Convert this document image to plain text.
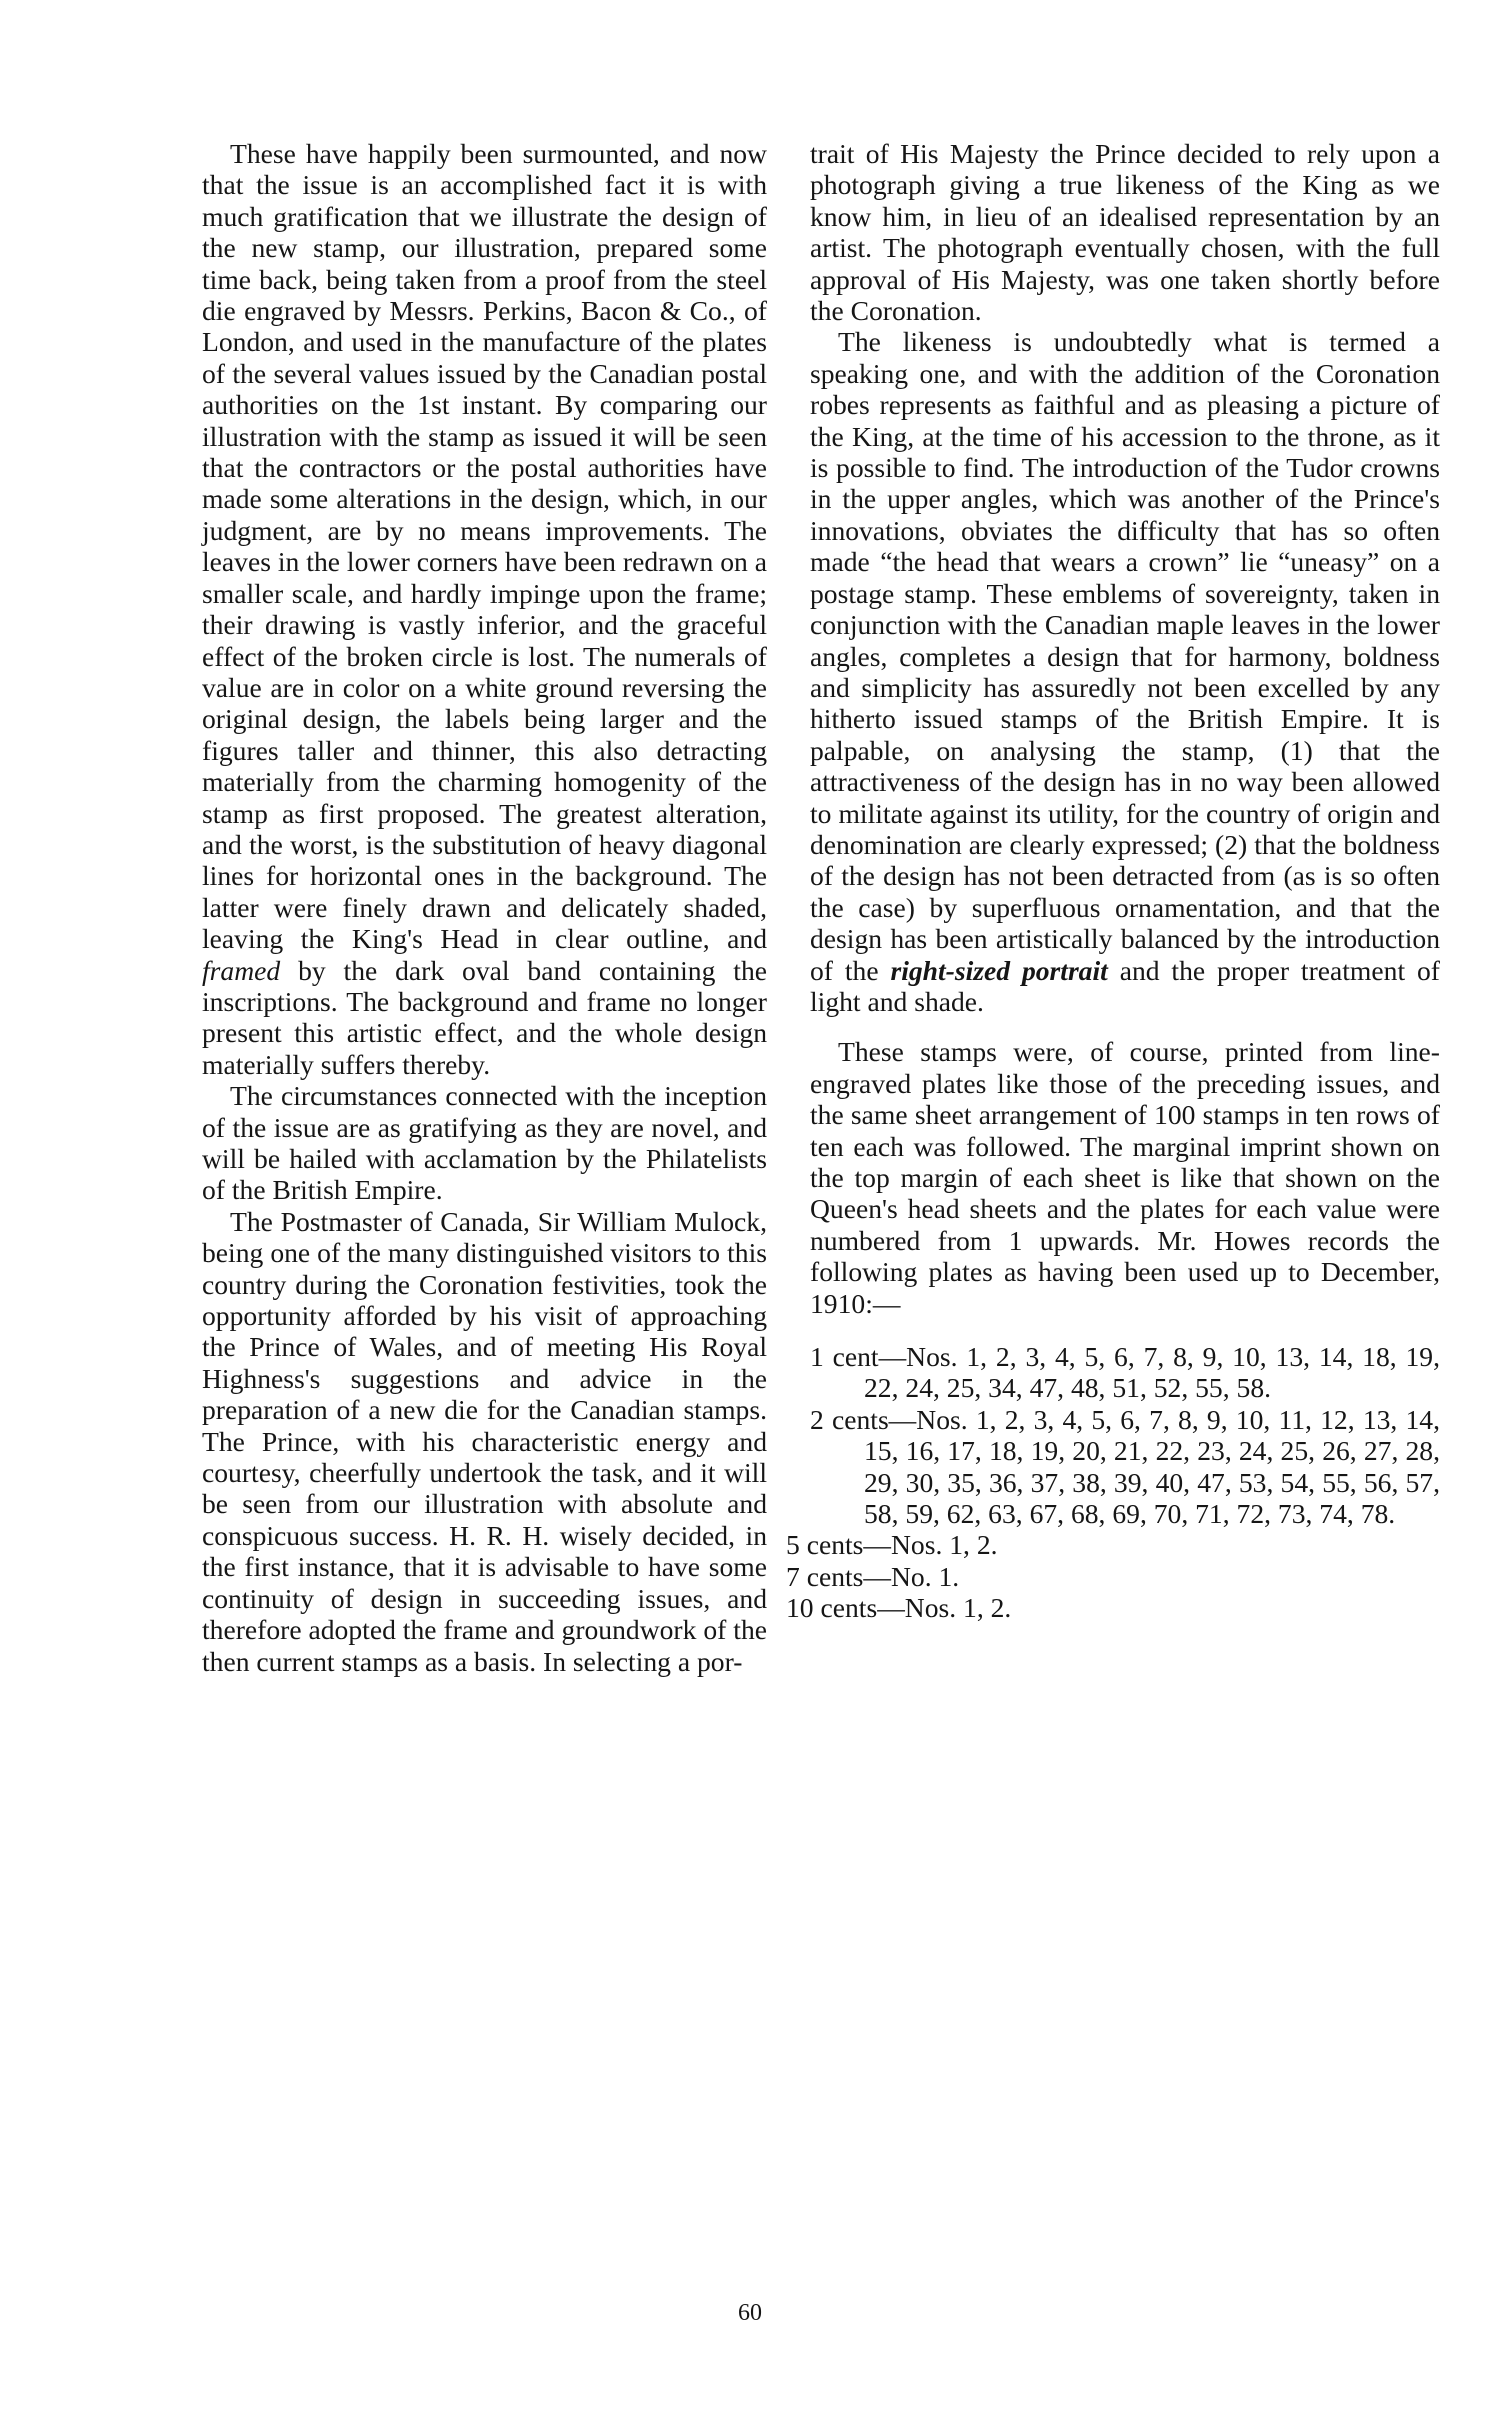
These have happily been surmounted, and now that the issue is an accomplished fact it is with much gratification that we illustrate the design of the new stamp, our illustration, prepared some time back, being taken from a proof from the steel die engraved by Messrs. Perkins, Bacon & Co., of London, and used in the manufacture of the plates of the several values issued by the Canadian postal authorities on the 1st instant. By comparing our illustration with the stamp as issued it will be seen that the contractors or the postal authorities have made some alterations in the design, which, in our judgment, are by no means improvements. The leaves in the lower corners have been redrawn on a smaller scale, and hardly impinge upon the frame; their drawing is vastly inferior, and the graceful effect of the broken circle is lost. The numerals of value are in color on a white ground reversing the original design, the labels being larger and the figures taller and thinner, this also detracting materially from the charming homogenity of the stamp as first proposed. The greatest alteration, and the worst, is the substitution of heavy diagonal lines for horizontal ones in the background. The latter were finely drawn and delicately shaded, leaving the King's Head in clear outline, and framed by the dark oval band containing the inscriptions. The background and frame no longer present this artistic effect, and the whole design materially suffers thereby.

The circumstances connected with the inception of the issue are as gratifying as they are novel, and will be hailed with acclamation by the Philatelists of the British Empire.

The Postmaster of Canada, Sir William Mulock, being one of the many distinguished visitors to this country during the Coronation festivities, took the opportunity afforded by his visit of approaching the Prince of Wales, and of meeting His Royal Highness's suggestions and advice in the preparation of a new die for the Canadian stamps. The Prince, with his characteristic energy and courtesy, cheerfully undertook the task, and it will be seen from our illustration with absolute and conspicuous success. H. R. H. wisely decided, in the first instance, that it is advisable to have some continuity of design in succeeding issues, and therefore adopted the frame and groundwork of the then current stamps as a basis. In selecting a por-

trait of His Majesty the Prince decided to rely upon a photograph giving a true likeness of the King as we know him, in lieu of an idealised representation by an artist. The photograph eventually chosen, with the full approval of His Majesty, was one taken shortly before the Coronation.

The likeness is undoubtedly what is termed a speaking one, and with the addition of the Coronation robes represents as faithful and as pleasing a picture of the King, at the time of his accession to the throne, as it is possible to find. The introduction of the Tudor crowns in the upper angles, which was another of the Prince's innovations, obviates the difficulty that has so often made “the head that wears a crown” lie “uneasy” on a postage stamp. These emblems of sovereignty, taken in conjunction with the Canadian maple leaves in the lower angles, completes a design that for harmony, boldness and simplicity has assuredly not been excelled by any hitherto issued stamps of the British Empire. It is palpable, on analysing the stamp, (1) that the attractiveness of the design has in no way been allowed to militate against its utility, for the country of origin and denomination are clearly expressed; (2) that the boldness of the design has not been detracted from (as is so often the case) by superfluous ornamentation, and that the design has been artistically balanced by the introduction of the right-sized portrait and the proper treatment of light and shade.

These stamps were, of course, printed from line-engraved plates like those of the preceding issues, and the same sheet arrangement of 100 stamps in ten rows of ten each was followed. The marginal imprint shown on the top margin of each sheet is like that shown on the Queen's head sheets and the plates for each value were numbered from 1 upwards. Mr. Howes records the following plates as having been used up to December, 1910:—

1 cent—Nos. 1, 2, 3, 4, 5, 6, 7, 8, 9, 10, 13, 14, 18, 19, 22, 24, 25, 34, 47, 48, 51, 52, 55, 58.

2 cents—Nos. 1, 2, 3, 4, 5, 6, 7, 8, 9, 10, 11, 12, 13, 14, 15, 16, 17, 18, 19, 20, 21, 22, 23, 24, 25, 26, 27, 28, 29, 30, 35, 36, 37, 38, 39, 40, 47, 53, 54, 55, 56, 57, 58, 59, 62, 63, 67, 68, 69, 70, 71, 72, 73, 74, 78.

5 cents—Nos. 1, 2.

7 cents—No. 1.

10 cents—Nos. 1, 2.

60
